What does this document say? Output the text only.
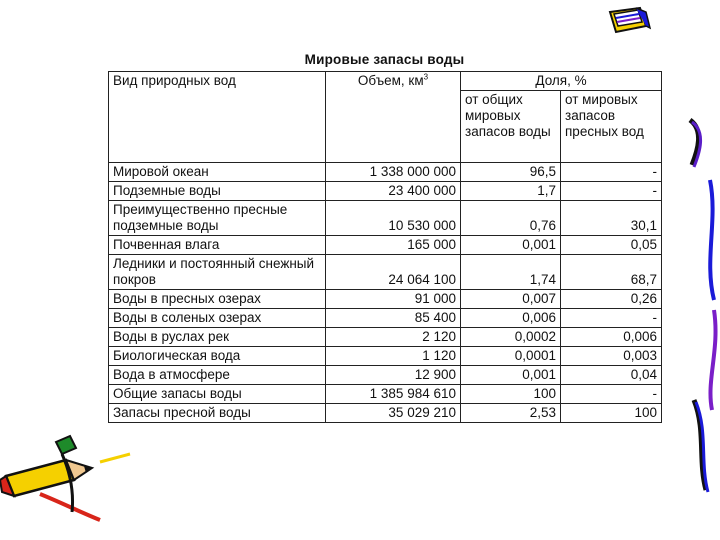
Мировые запасы воды
Вид природных вод	Объем, $км^3$	Доля, %	
		от общих мировых запасов воды	от мировых запасов пресных вод
Мировой океан	1 338 000 000	96,5	-
Подземные воды	23 400 000	1,7	-
Преимущественно пресные подземные воды	10 530 000	0,76	30,1
Почвенная влага	165 000	0,001	0,05
Ледники и постоянный снежный покров	24 064 100	1,74	68,7
Воды в пресных озерах	91 000	0,007	0,26
Воды в соленых озерах	85 400	0,006	-
Воды в руслах рек	2 120	0,0002	0,006
Биологическая вода	1 120	0,0001	0,003
Вода в атмосфере	12 900	0,001	0,04
Общие запасы воды	1 385 984 610	100	-
Запасы пресной воды	35 029 210	2,53	100
